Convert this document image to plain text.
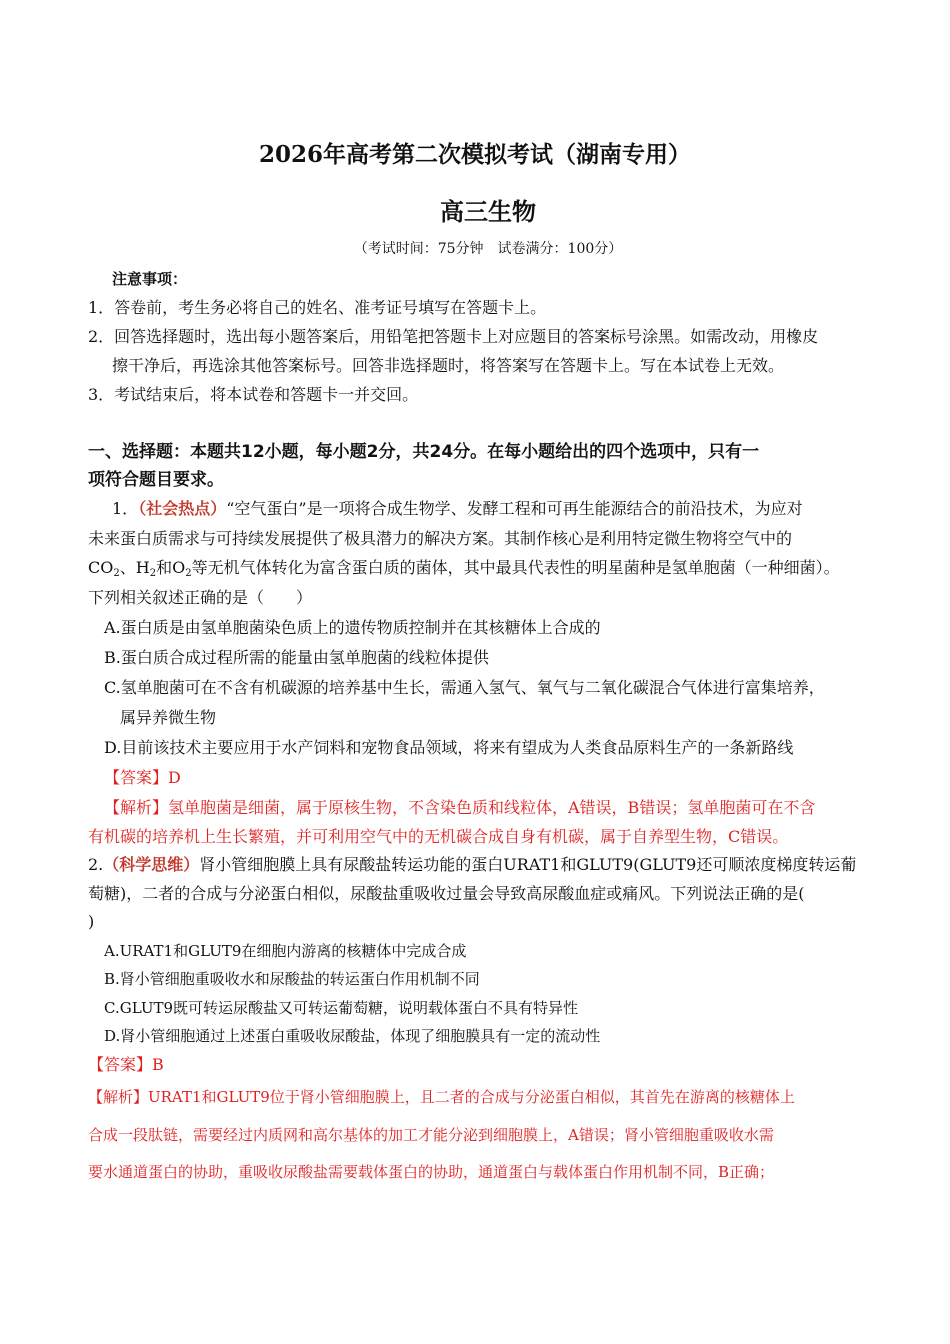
2026年高考第二次模拟考试（湖南专用）
高三生物
（考试时间：75分钟　试卷满分：100分）
注意事项：
1．答卷前，考生务必将自己的姓名、准考证号填写在答题卡上。
2．回答选择题时，选出每小题答案后，用铅笔把答题卡上对应题目的答案标号涂黑。如需改动，用橡皮
擦干净后，再选涂其他答案标号。回答非选择题时，将答案写在答题卡上。写在本试卷上无效。
3．考试结束后，将本试卷和答题卡一并交回。
一、选择题：本题共12小题，每小题2分，共24分。在每小题给出的四个选项中，只有一
项符合题目要求。
1．（社会热点）“空气蛋白”是一项将合成生物学、发酵工程和可再生能源结合的前沿技术，为应对
未来蛋白质需求与可持续发展提供了极具潜力的解决方案。其制作核心是利用特定微生物将空气中的
$CO_2$、$H_2$和$O_2$等无机气体转化为富含蛋白质的菌体，其中最具代表性的明星菌种是氢单胞菌（一种细菌）。
下列相关叙述正确的是（　　）
A.蛋白质是由氢单胞菌染色质上的遗传物质控制并在其核糖体上合成的
B.蛋白质合成过程所需的能量由氢单胞菌的线粒体提供
C.氢单胞菌可在不含有机碳源的培养基中生长，需通入氢气、氧气与二氧化碳混合气体进行富集培养，
属异养微生物
D.目前该技术主要应用于水产饲料和宠物食品领域，将来有望成为人类食品原料生产的一条新路线
【答案】D
【解析】氢单胞菌是细菌，属于原核生物，不含染色质和线粒体，A错误，B错误；氢单胞菌可在不含
有机碳的培养机上生长繁殖，并可利用空气中的无机碳合成自身有机碳，属于自养型生物，C错误。
2.（科学思维）肾小管细胞膜上具有尿酸盐转运功能的蛋白URAT1和GLUT9(GLUT9还可顺浓度梯度转运葡
萄糖)，二者的合成与分泌蛋白相似，尿酸盐重吸收过量会导致高尿酸血症或痛风。下列说法正确的是(
)
A.URAT1和GLUT9在细胞内游离的核糖体中完成合成
B.肾小管细胞重吸收水和尿酸盐的转运蛋白作用机制不同
C.GLUT9既可转运尿酸盐又可转运葡萄糖，说明载体蛋白不具有特异性
D.肾小管细胞通过上述蛋白重吸收尿酸盐，体现了细胞膜具有一定的流动性
【答案】B
【解析】URAT1和GLUT9位于肾小管细胞膜上，且二者的合成与分泌蛋白相似，其首先在游离的核糖体上
合成一段肽链，需要经过内质网和高尔基体的加工才能分泌到细胞膜上，A错误；肾小管细胞重吸收水需
要水通道蛋白的协助，重吸收尿酸盐需要载体蛋白的协助，通道蛋白与载体蛋白作用机制不同，B正确；
